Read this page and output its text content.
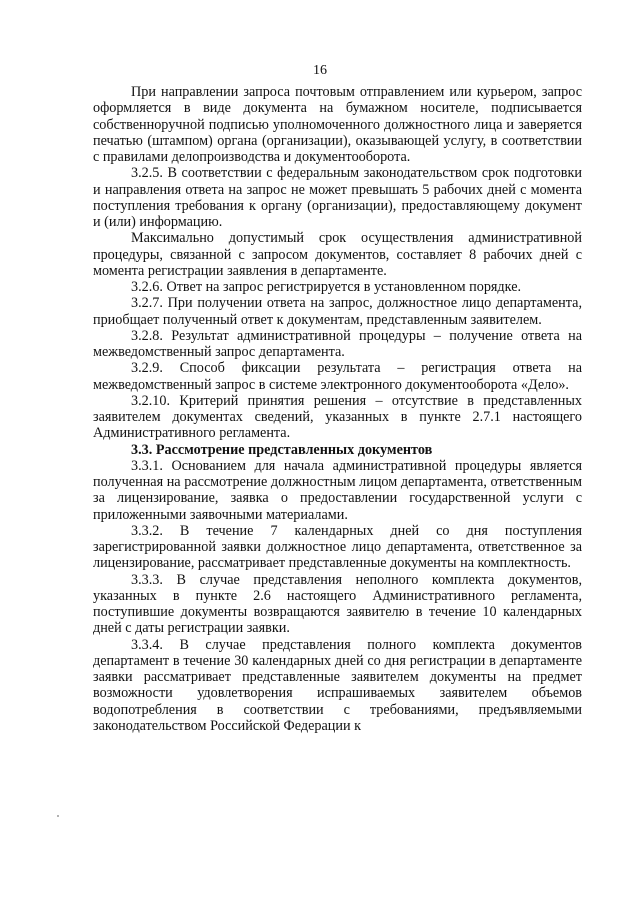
16

При направлении запроса почтовым отправлением или курьером, запрос оформляется в виде документа на бумажном носителе, подписывается собственноручной подписью уполномоченного должностного лица и заверяется печатью (штампом) органа (организации), оказывающей услугу, в соответствии с правилами делопроизводства и документооборота.

3.2.5. В соответствии с федеральным законодательством срок подготовки и направления ответа на запрос не может превышать 5 рабочих дней с момента поступления требования к органу (организации), предоставляющему документ и (или) информацию.

Максимально допустимый срок осуществления административной процедуры, связанной с запросом документов, составляет 8 рабочих дней с момента регистрации заявления в департаменте.

3.2.6. Ответ на запрос регистрируется в установленном порядке.

3.2.7. При получении ответа на запрос, должностное лицо департамента, приобщает полученный ответ к документам, представленным заявителем.

3.2.8. Результат административной процедуры – получение ответа на межведомственный запрос департамента.

3.2.9. Способ фиксации результата – регистрация ответа на межведомственный запрос в системе электронного документооборота «Дело».

3.2.10. Критерий принятия решения – отсутствие в представленных заявителем документах сведений, указанных в пункте 2.7.1 настоящего Административного регламента.

3.3. Рассмотрение представленных документов

3.3.1. Основанием для начала административной процедуры является полученная на рассмотрение должностным лицом департамента, ответственным за лицензирование, заявка о предоставлении государственной услуги с приложенными заявочными материалами.

3.3.2. В течение 7 календарных дней со дня поступления зарегистрированной заявки должностное лицо департамента, ответственное за лицензирование, рассматривает представленные документы на комплектность.

3.3.3. В случае представления неполного комплекта документов, указанных в пункте 2.6 настоящего Административного регламента, поступившие документы возвращаются заявителю в течение 10 календарных дней с даты регистрации заявки.

3.3.4. В случае представления полного комплекта документов департамент в течение 30 календарных дней со дня регистрации в департаменте заявки рассматривает представленные заявителем документы на предмет возможности удовлетворения испрашиваемых заявителем объемов водопотребления в соответствии с требованиями, предъявляемыми законодательством Российской Федерации к
